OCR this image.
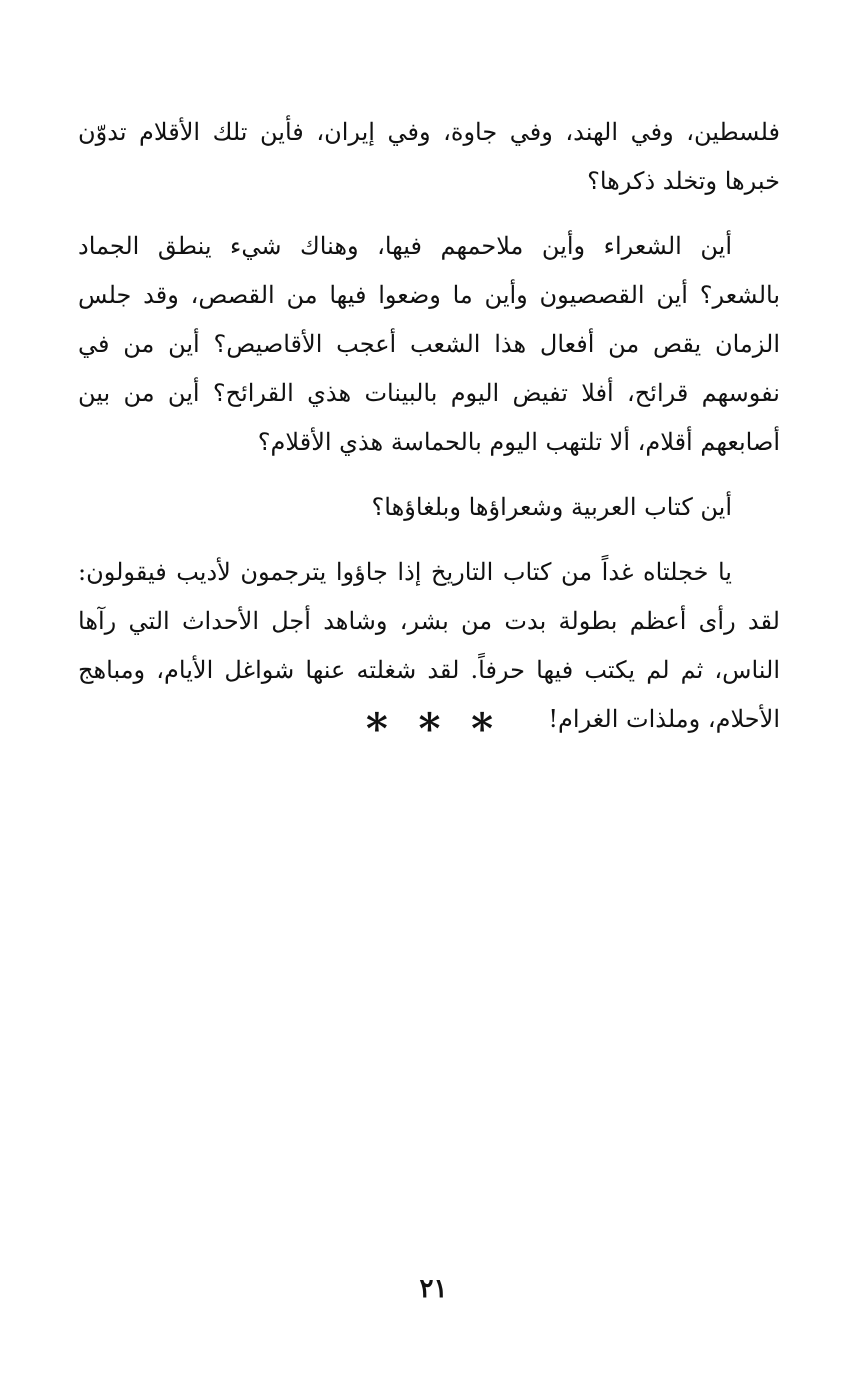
فلسطين، وفي الهند، وفي جاوة، وفي إيران، فأين تلك الأقلام تدوّن خبرها وتخلد ذكرها؟

أين الشعراء وأين ملاحمهم فيها، وهناك شيء ينطق الجماد بالشعر؟ أين القصصيون وأين ما وضعوا فيها من القصص، وقد جلس الزمان يقص من أفعال هذا الشعب أعجب الأقاصيص؟ أين من في نفوسهم قرائح، أفلا تفيض اليوم بالبينات هذي القرائح؟ أين من بين أصابعهم أقلام، ألا تلتهب اليوم بالحماسة هذي الأقلام؟

أين كتاب العربية وشعراؤها وبلغاؤها؟

يا خجلتاه غداً من كتاب التاريخ إذا جاؤوا يترجمون لأديب فيقولون: لقد رأى أعظم بطولة بدت من بشر، وشاهد أجل الأحداث التي رآها الناس، ثم لم يكتب فيها حرفاً. لقد شغلته عنها شواغل الأيام، ومباهج الأحلام، وملذات الغرام!

* * *
٢١
